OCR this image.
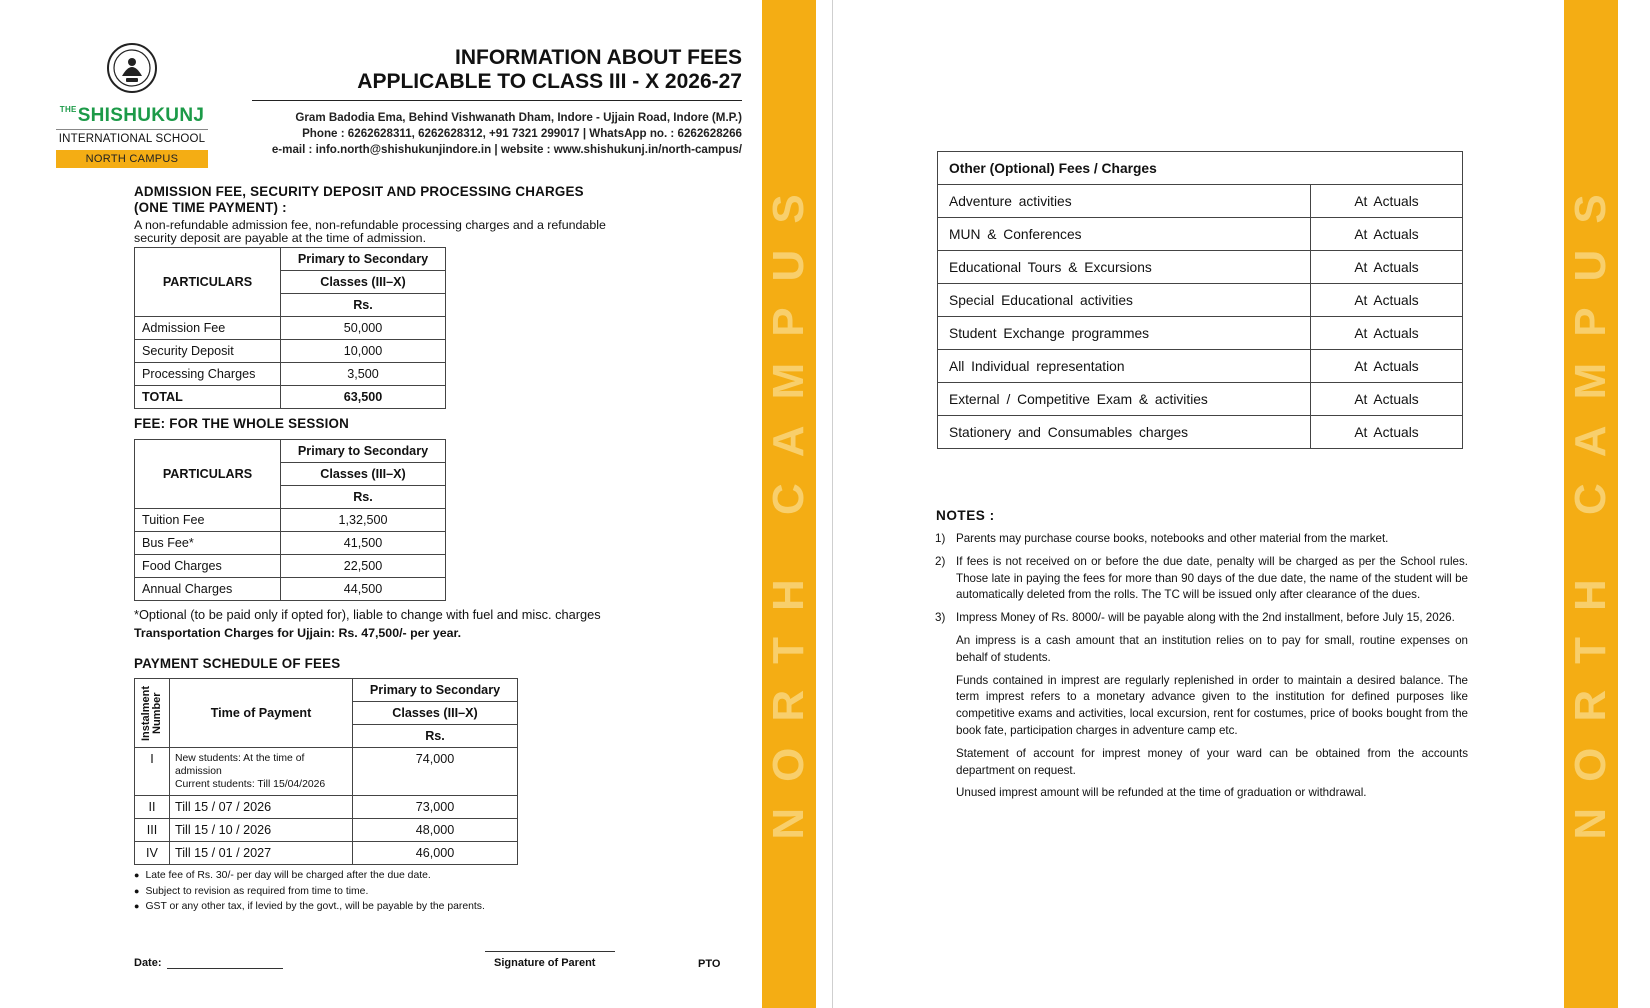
$^{THE}$SHISHUKUNJ
INTERNATIONAL SCHOOL
NORTH CAMPUS
INFORMATION ABOUT FEES
APPLICABLE TO CLASS III - X 2026-27
Gram Badodia Ema, Behind Vishwanath Dham, Indore - Ujjain Road, Indore (M.P.)
Phone : 6262628311, 6262628312, +91 7321 299017 | WhatsApp no. : 6262628266
e-mail : info.north@shishukunjindore.in | website : www.shishukunj.in/north-campus/
ADMISSION FEE, SECURITY DEPOSIT AND PROCESSING CHARGES
(ONE TIME PAYMENT) :
A non-refundable admission fee, non-refundable processing charges and a refundable
security deposit are payable at the time of admission.
PARTICULARS	Primary to Secondary
	Classes (III–X)
	Rs.
Admission Fee	50,000
Security Deposit	10,000
Processing Charges	3,500
TOTAL	63,500
FEE: FOR THE WHOLE SESSION
PARTICULARS	Primary to Secondary
	Classes (III–X)
	Rs.
Tuition Fee	1,32,500
Bus Fee*	41,500
Food Charges	22,500
Annual Charges	44,500
*Optional (to be paid only if opted for), liable to change with fuel and misc. charges
Transportation Charges for Ujjain: Rs. 47,500/- per year.
PAYMENT SCHEDULE OF FEES
Instalment Number	Time of Payment	Primary to Secondary
		Classes (III–X)
		Rs.
I	New students: At the time of admission
Current students: Till 15/04/2026	74,000
II	Till 15 / 07 / 2026	73,000
III	Till 15 / 10 / 2026	48,000
IV	Till 15 / 01 / 2027	46,000
● Late fee of Rs. 30/- per day will be charged after the due date.
● Subject to revision as required from time to time.
● GST or any other tax, if levied by the govt., will be payable by the parents.
Date:	Signature of Parent	PTO
NORTH CAMPUS
Other (Optional) Fees / Charges	
Adventure activities	At Actuals
MUN & Conferences	At Actuals
Educational Tours & Excursions	At Actuals
Special Educational activities	At Actuals
Student Exchange programmes	At Actuals
All Individual representation	At Actuals
External / Competitive Exam & activities	At Actuals
Stationery and Consumables charges	At Actuals
NOTES :
1) Parents may purchase course books, notebooks and other material from the market.
2) If fees is not received on or before the due date, penalty will be charged as per the School rules. Those late in paying the fees for more than 90 days of the due date, the name of the student will be automatically deleted from the rolls. The TC will be issued only after clearance of the dues.
3) Impress Money of Rs. 8000/- will be payable along with the 2nd installment, before July 15, 2026.
An impress is a cash amount that an institution relies on to pay for small, routine expenses on behalf of students.
Funds contained in imprest are regularly replenished in order to maintain a desired balance. The term imprest refers to a monetary advance given to the institution for defined purposes like competitive exams and activities, local excursion, rent for costumes, price of books bought from the book fate, participation charges in adventure camp etc.
Statement of account for imprest money of your ward can be obtained from the accounts department on request.
Unused imprest amount will be refunded at the time of graduation or withdrawal.	NORTH CAMPUS
